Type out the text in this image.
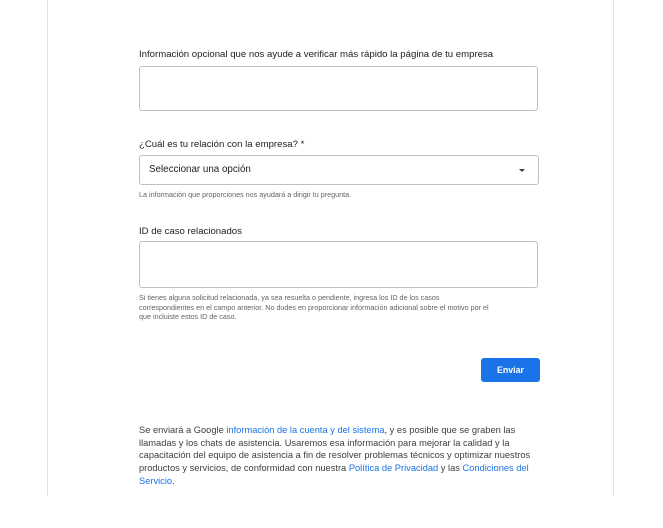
Información opcional que nos ayude a verificar más rápido la página de tu empresa
¿Cuál es tu relación con la empresa? *
Seleccionar una opción
La información que proporciones nos ayudará a dirigir tu pregunta.
ID de caso relacionados
Si tienes alguna solicitud relacionada, ya sea resuelta o pendiente, ingresa los ID de los casos
correspondientes en el campo anterior. No dudes en proporcionar información adicional sobre el motivo por el
que incluiste estos ID de caso.
Enviar
Se enviará a Google información de la cuenta y del sistema, y es posible que se graben las llamadas y los chats de asistencia. Usaremos esa información para mejorar la calidad y la capacitación del equipo de asistencia a fin de resolver problemas técnicos y optimizar nuestros productos y servicios, de conformidad con nuestra Política de Privacidad y las Condiciones del Servicio.
